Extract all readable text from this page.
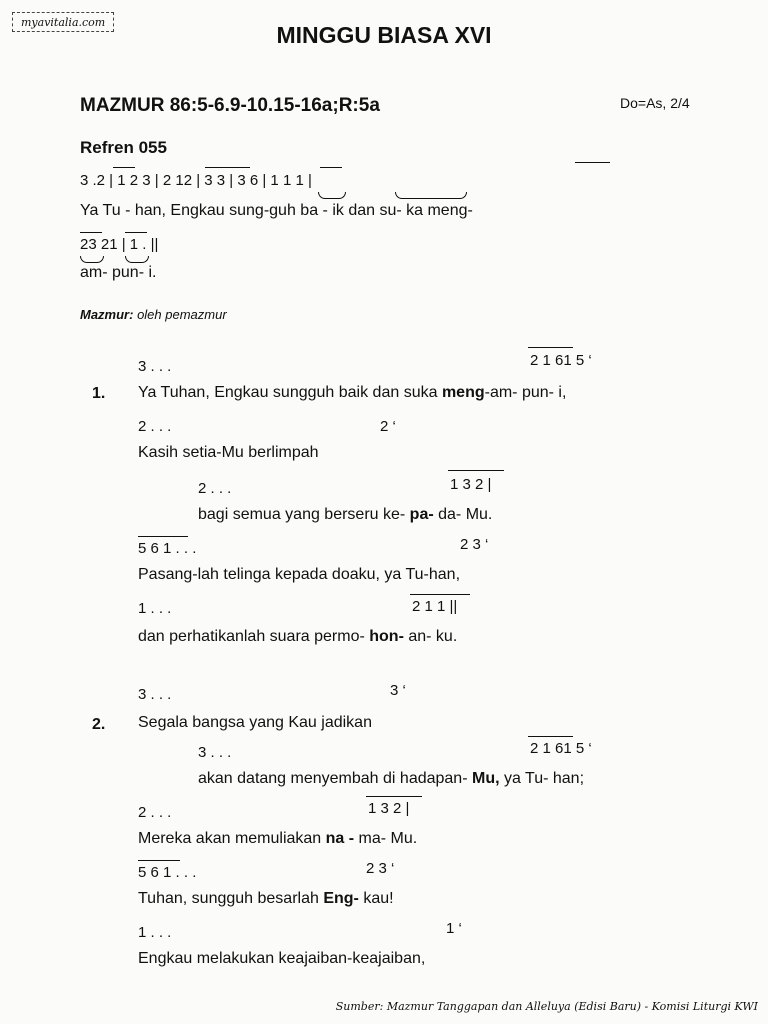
myavitalia.com	MINGGU BIASA XVI
MAZMUR 86:5-6.9-10.15-16a;R:5a	Do=As, 2/4
Refren 055
3 .2 | 1 2 3 | 2 12 | 3 3 | 3 6 | 1 1 1 |
Ya Tu - han, Engkau sung-guh ba - ik dan su- ka meng-
23 21 | 1 . ||
am- pun- i.
Mazmur: oleh pemazmur
1.
3 . . .	2 1 61 5 ‘
Ya Tuhan, Engkau sungguh baik dan suka meng-am- pun- i,
2 . . .	2 ‘
Kasih setia-Mu berlimpah
2 . . .	1 3 2 |
bagi semua yang berseru ke- pa- da- Mu.
5 6 1 . . .	2 3 ‘
Pasang-lah telinga kepada doaku, ya Tu-han,
1 . . .	2 1 1 ||
dan perhatikanlah suara permo- hon- an- ku.
2.
3 . . .	3 ‘
Segala bangsa yang Kau jadikan
3 . . .	2 1 61 5 ‘
akan datang menyembah di hadapan- Mu, ya Tu- han;
2 . . .	1 3 2 |
Mereka akan memuliakan na - ma- Mu.
5 6 1 . . .	2 3 ‘
Tuhan, sungguh besarlah Eng- kau!
1 . . .	1 ‘
Engkau melakukan keajaiban-keajaiban,
Sumber: Mazmur Tanggapan dan Alleluya (Edisi Baru) - Komisi Liturgi KWI
